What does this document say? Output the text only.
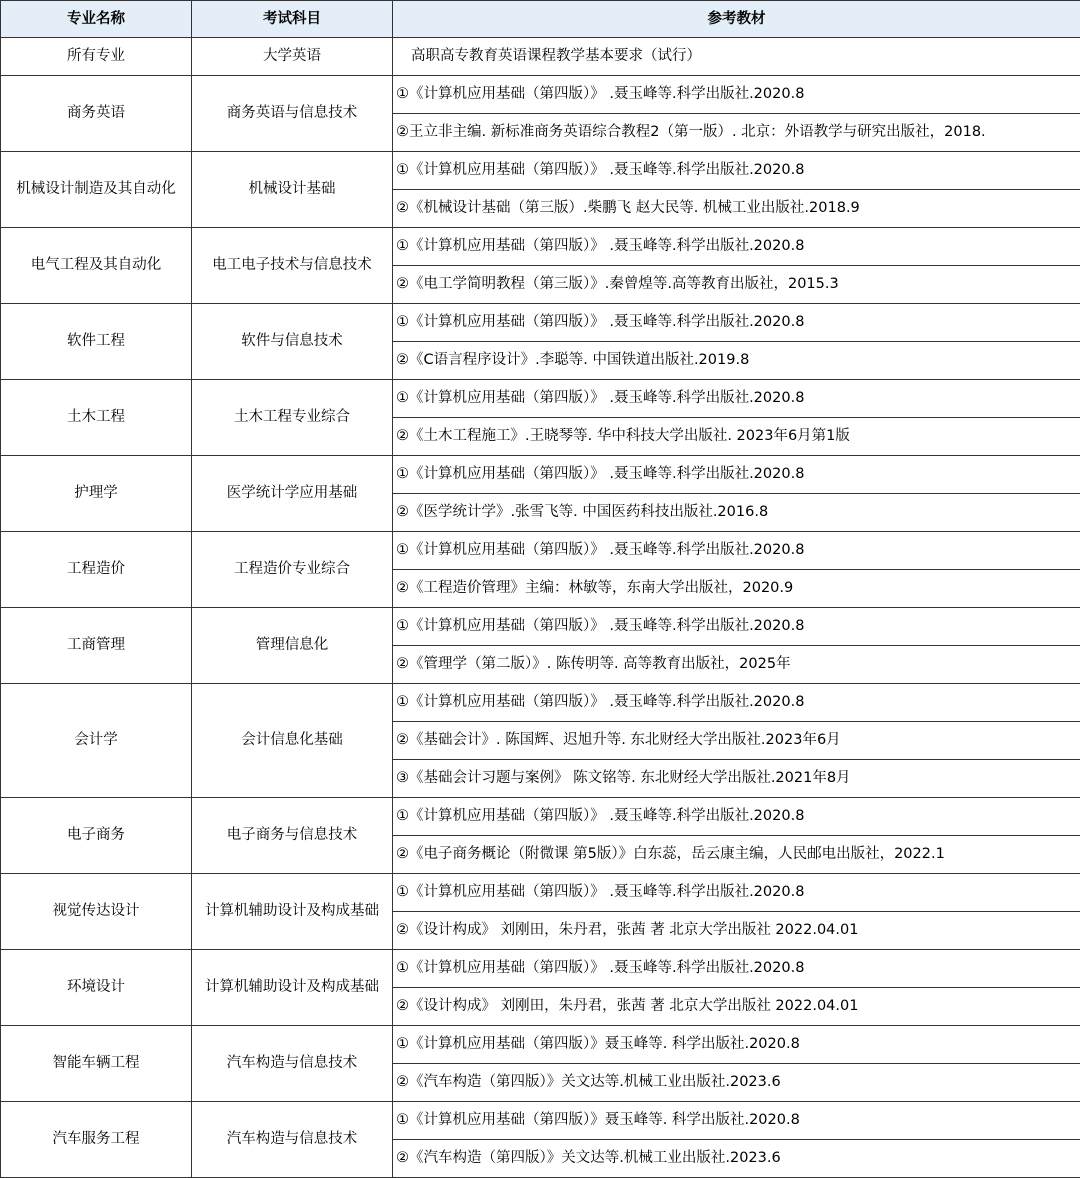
专业名称	考试科目	参考教材
所有专业	大学英语	高职高专教育英语课程教学基本要求（试行）
商务英语	商务英语与信息技术	①《计算机应用基础（第四版）》 .聂玉峰等.科学出版社.2020.8
		②王立非主编. 新标准商务英语综合教程2（第一版）. 北京：外语教学与研究出版社，2018.
机械设计制造及其自动化	机械设计基础	①《计算机应用基础（第四版）》 .聂玉峰等.科学出版社.2020.8
		②《机械设计基础（第三版）.柴鹏飞 赵大民等. 机械工业出版社.2018.9
电气工程及其自动化	电工电子技术与信息技术	①《计算机应用基础（第四版）》 .聂玉峰等.科学出版社.2020.8
		②《电工学简明教程（第三版）》.秦曾煌等.高等教育出版社，2015.3
软件工程	软件与信息技术	①《计算机应用基础（第四版）》 .聂玉峰等.科学出版社.2020.8
		②《C语言程序设计》.李聪等. 中国铁道出版社.2019.8
土木工程	土木工程专业综合	①《计算机应用基础（第四版）》 .聂玉峰等.科学出版社.2020.8
		②《土木工程施工》.王晓琴等. 华中科技大学出版社. 2023年6月第1版
护理学	医学统计学应用基础	①《计算机应用基础（第四版）》 .聂玉峰等.科学出版社.2020.8
		②《医学统计学》.张雪飞等. 中国医药科技出版社.2016.8
工程造价	工程造价专业综合	①《计算机应用基础（第四版）》 .聂玉峰等.科学出版社.2020.8
		②《工程造价管理》主编：林敏等，东南大学出版社，2020.9
工商管理	管理信息化	①《计算机应用基础（第四版）》 .聂玉峰等.科学出版社.2020.8
		②《管理学（第二版）》. 陈传明等. 高等教育出版社，2025年
会计学	会计信息化基础	①《计算机应用基础（第四版）》 .聂玉峰等.科学出版社.2020.8
		②《基础会计》. 陈国辉、迟旭升等. 东北财经大学出版社.2023年6月
		③《基础会计习题与案例》 陈文铭等. 东北财经大学出版社.2021年8月
电子商务	电子商务与信息技术	①《计算机应用基础（第四版）》 .聂玉峰等.科学出版社.2020.8
		②《电子商务概论（附微课 第5版）》白东蕊，岳云康主编，人民邮电出版社，2022.1
视觉传达设计	计算机辅助设计及构成基础	①《计算机应用基础（第四版）》 .聂玉峰等.科学出版社.2020.8
		②《设计构成》 刘刚田，朱丹君，张茜 著 北京大学出版社 2022.04.01
环境设计	计算机辅助设计及构成基础	①《计算机应用基础（第四版）》 .聂玉峰等.科学出版社.2020.8
		②《设计构成》 刘刚田，朱丹君，张茜 著 北京大学出版社 2022.04.01
智能车辆工程	汽车构造与信息技术	①《计算机应用基础（第四版）》聂玉峰等. 科学出版社.2020.8
		②《汽车构造（第四版）》关文达等.机械工业出版社.2023.6
汽车服务工程	汽车构造与信息技术	①《计算机应用基础（第四版）》聂玉峰等. 科学出版社.2020.8
		②《汽车构造（第四版）》关文达等.机械工业出版社.2023.6
